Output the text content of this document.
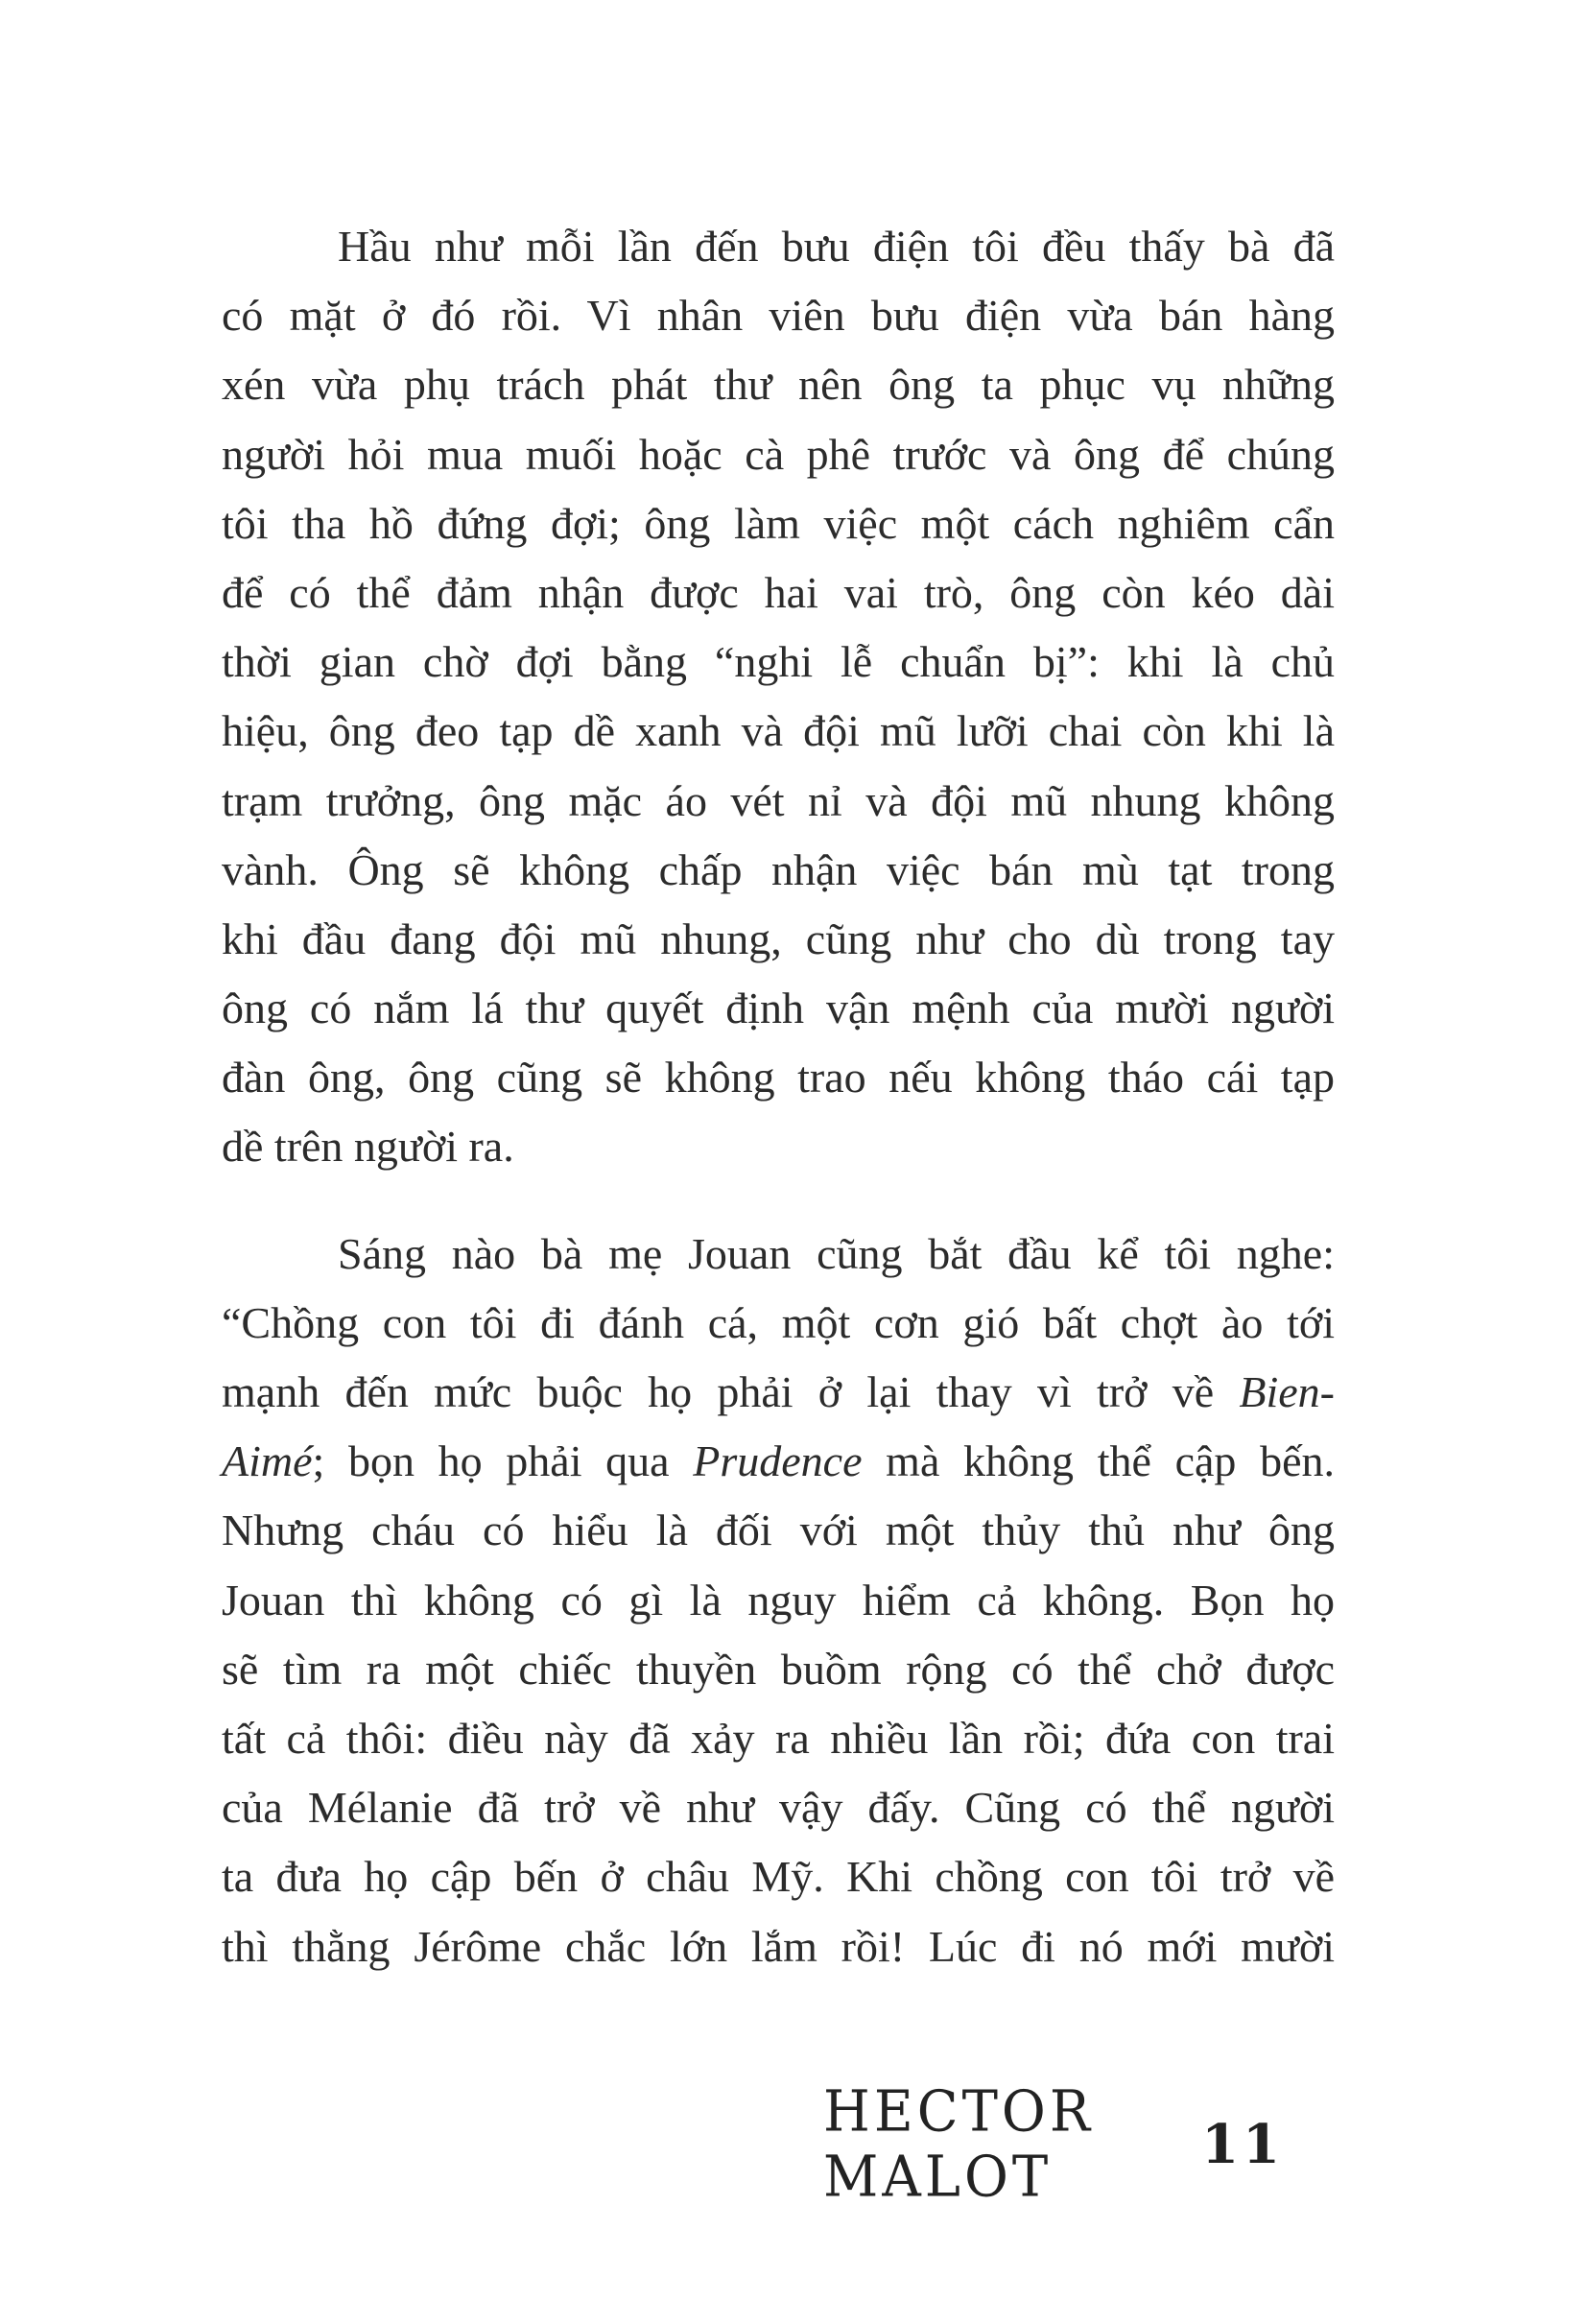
Hầu như mỗi lần đến bưu điện tôi đều thấy bà đã
có mặt ở đó rồi. Vì nhân viên bưu điện vừa bán hàng
xén vừa phụ trách phát thư nên ông ta phục vụ những
người hỏi mua muối hoặc cà phê trước và ông để chúng
tôi tha hồ đứng đợi; ông làm việc một cách nghiêm cẩn
để có thể đảm nhận được hai vai trò, ông còn kéo dài
thời gian chờ đợi bằng “nghi lễ chuẩn bị”: khi là chủ
hiệu, ông đeo tạp dề xanh và đội mũ lưỡi chai còn khi là
trạm trưởng, ông mặc áo vét nỉ và đội mũ nhung không
vành. Ông sẽ không chấp nhận việc bán mù tạt trong
khi đầu đang đội mũ nhung, cũng như cho dù trong tay
ông có nắm lá thư quyết định vận mệnh của mười người
đàn ông, ông cũng sẽ không trao nếu không tháo cái tạp
dề trên người ra.
Sáng nào bà mẹ Jouan cũng bắt đầu kể tôi nghe:
“Chồng con tôi đi đánh cá, một cơn gió bất chợt ào tới
mạnh đến mức buộc họ phải ở lại thay vì trở về Bien-
Aimé; bọn họ phải qua Prudence mà không thể cập bến.
Nhưng cháu có hiểu là đối với một thủy thủ như ông
Jouan thì không có gì là nguy hiểm cả không. Bọn họ
sẽ tìm ra một chiếc thuyền buồm rộng có thể chở được
tất cả thôi: điều này đã xảy ra nhiều lần rồi; đứa con trai
của Mélanie đã trở về như vậy đấy. Cũng có thể người
ta đưa họ cập bến ở châu Mỹ. Khi chồng con tôi trở về
thì thằng Jérôme chắc lớn lắm rồi! Lúc đi nó mới mười
HECTOR MALOT	11
